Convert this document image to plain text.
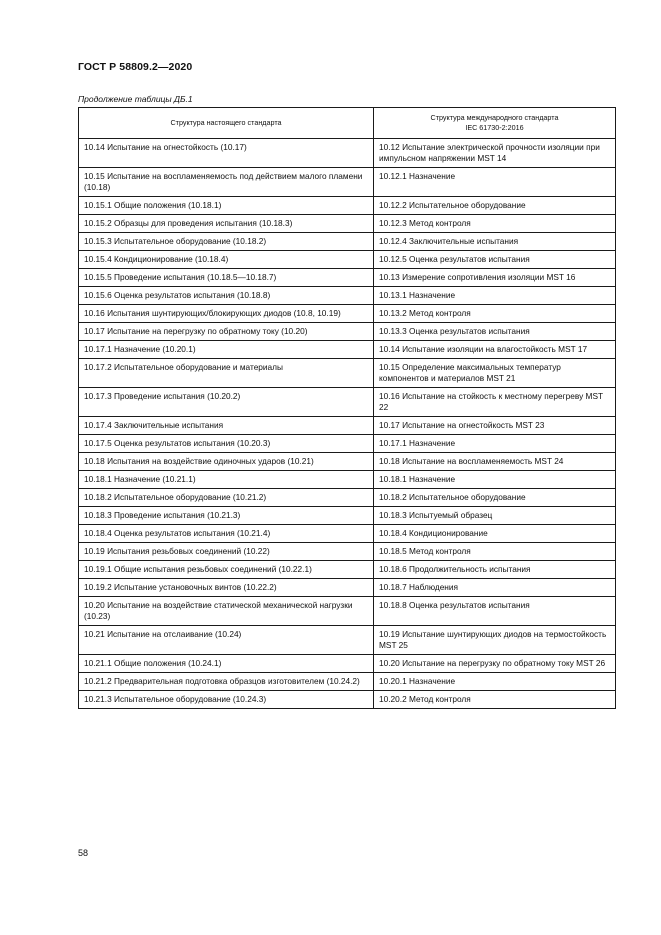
ГОСТ Р 58809.2—2020
Продолжение таблицы ДБ.1
Структура настоящего стандарта	Структура международного стандарта
IEC 61730-2:2016
10.14 Испытание на огнестойкость (10.17)	10.12 Испытание электрической прочности изоляции при импульсном напряжении MST 14
10.15 Испытание на воспламеняемость под действием малого пламени (10.18)	10.12.1 Назначение
10.15.1 Общие положения (10.18.1)	10.12.2 Испытательное оборудование
10.15.2 Образцы для проведения испытания (10.18.3)	10.12.3 Метод контроля
10.15.3 Испытательное оборудование (10.18.2)	10.12.4 Заключительные испытания
10.15.4 Кондиционирование (10.18.4)	10.12.5 Оценка результатов испытания
10.15.5 Проведение испытания (10.18.5—10.18.7)	10.13 Измерение сопротивления изоляции MST 16
10.15.6 Оценка результатов испытания (10.18.8)	10.13.1 Назначение
10.16 Испытания шунтирующих/блокирующих диодов (10.8, 10.19)	10.13.2 Метод контроля
10.17 Испытание на перегрузку по обратному току (10.20)	10.13.3 Оценка результатов испытания
10.17.1 Назначение (10.20.1)	10.14 Испытание изоляции на влагостойкость MST 17
10.17.2 Испытательное оборудование и материалы	10.15 Определение максимальных температур компонентов и материалов MST 21
10.17.3 Проведение испытания (10.20.2)	10.16 Испытание на стойкость к местному перегреву MST 22
10.17.4 Заключительные испытания	10.17 Испытание на огнестойкость MST 23
10.17.5 Оценка результатов испытания (10.20.3)	10.17.1 Назначение
10.18 Испытания на воздействие одиночных ударов (10.21)	10.18 Испытание на воспламеняемость MST 24
10.18.1 Назначение (10.21.1)	10.18.1 Назначение
10.18.2 Испытательное оборудование (10.21.2)	10.18.2 Испытательное оборудование
10.18.3 Проведение испытания (10.21.3)	10.18.3 Испытуемый образец
10.18.4 Оценка результатов испытания (10.21.4)	10.18.4 Кондиционирование
10.19 Испытания резьбовых соединений (10.22)	10.18.5 Метод контроля
10.19.1 Общие испытания резьбовых соединений (10.22.1)	10.18.6 Продолжительность испытания
10.19.2 Испытание установочных винтов (10.22.2)	10.18.7 Наблюдения
10.20 Испытание на воздействие статической механической нагрузки (10.23)	10.18.8 Оценка результатов испытания
10.21 Испытание на отслаивание (10.24)	10.19 Испытание шунтирующих диодов на термостойкость MST 25
10.21.1 Общие положения (10.24.1)	10.20 Испытание на перегрузку по обратному току MST 26
10.21.2 Предварительная подготовка образцов изготовителем (10.24.2)	10.20.1 Назначение
10.21.3 Испытательное оборудование (10.24.3)	10.20.2 Метод контроля
58
